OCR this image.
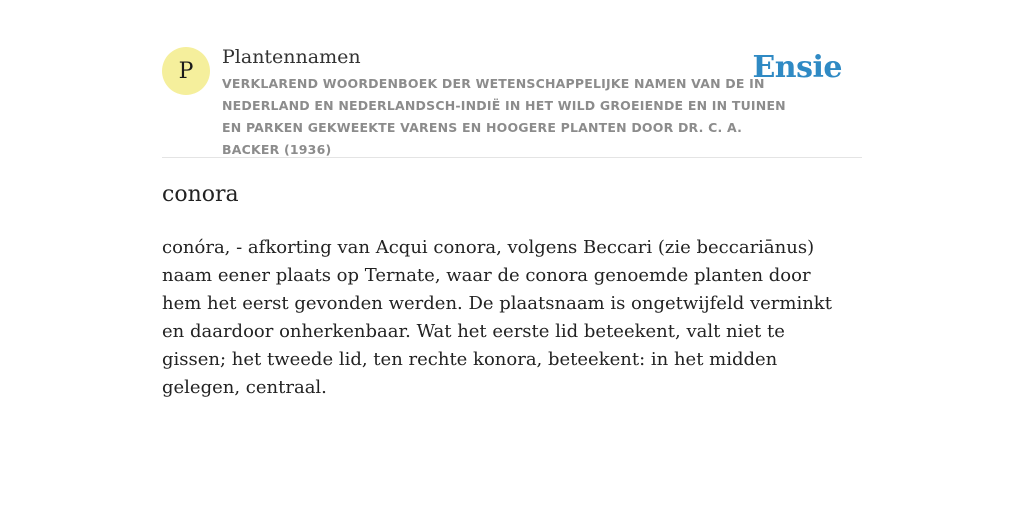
P
Plantennamen
VERKLAREND WOORDENBOEK DER WETENSCHAPPELIJKE NAMEN VAN DE IN NEDERLAND EN NEDERLANDSCH-INDIË IN HET WILD GROEIENDE EN IN TUINEN EN PARKEN GEKWEEKTE VARENS EN HOOGERE PLANTEN DOOR DR. C. A. BACKER (1936)
Ensie
conora
conóra, - afkorting van Acqui conora, volgens Beccari (zie beccariānus) naam eener plaats op Ternate, waar de conora genoemde planten door hem het eerst gevonden werden. De plaatsnaam is ongetwijfeld verminkt en daardoor onherkenbaar. Wat het eerste lid beteekent, valt niet te gissen; het tweede lid, ten rechte konora, beteekent: in het midden gelegen, centraal.
